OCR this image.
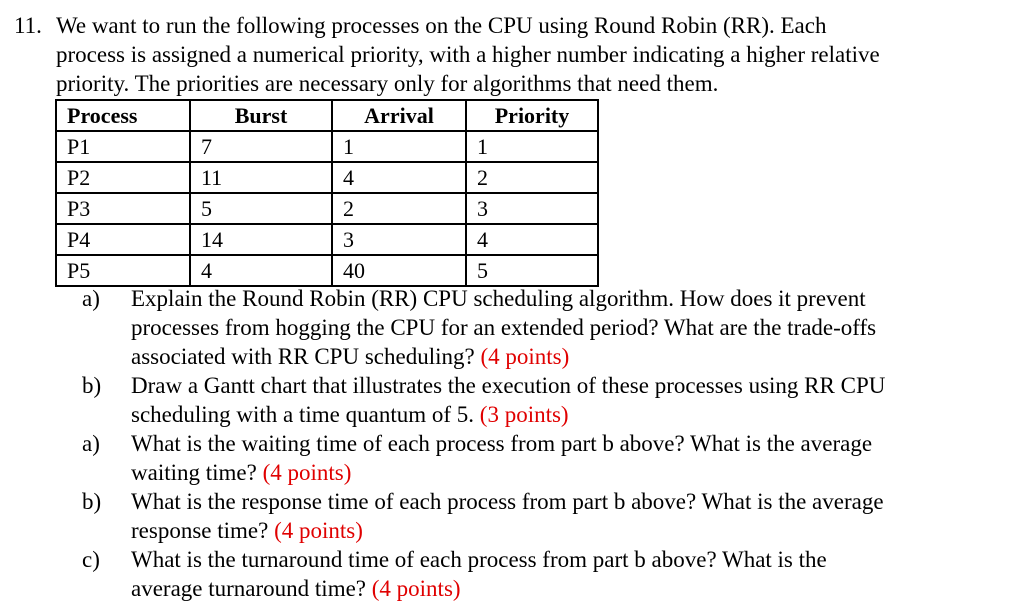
11. We want to run the following processes on the CPU using Round Robin (RR). Each
process is assigned a numerical priority, with a higher number indicating a higher relative
priority. The priorities are necessary only for algorithms that need them.
Process	Burst	Arrival	Priority
P1	7	1	1
P2	11	4	2
P3	5	2	3
P4	14	3	4
P5	4	40	5
a)	Explain the Round Robin (RR) CPU scheduling algorithm. How does it prevent
processes from hogging the CPU for an extended period? What are the trade-offs
associated with RR CPU scheduling? (4 points)
b)	Draw a Gantt chart that illustrates the execution of these processes using RR CPU
scheduling with a time quantum of 5. (3 points)
a)	What is the waiting time of each process from part b above? What is the average
waiting time? (4 points)
b)	What is the response time of each process from part b above? What is the average
response time? (4 points)
c)	What is the turnaround time of each process from part b above? What is the
average turnaround time? (4 points)
